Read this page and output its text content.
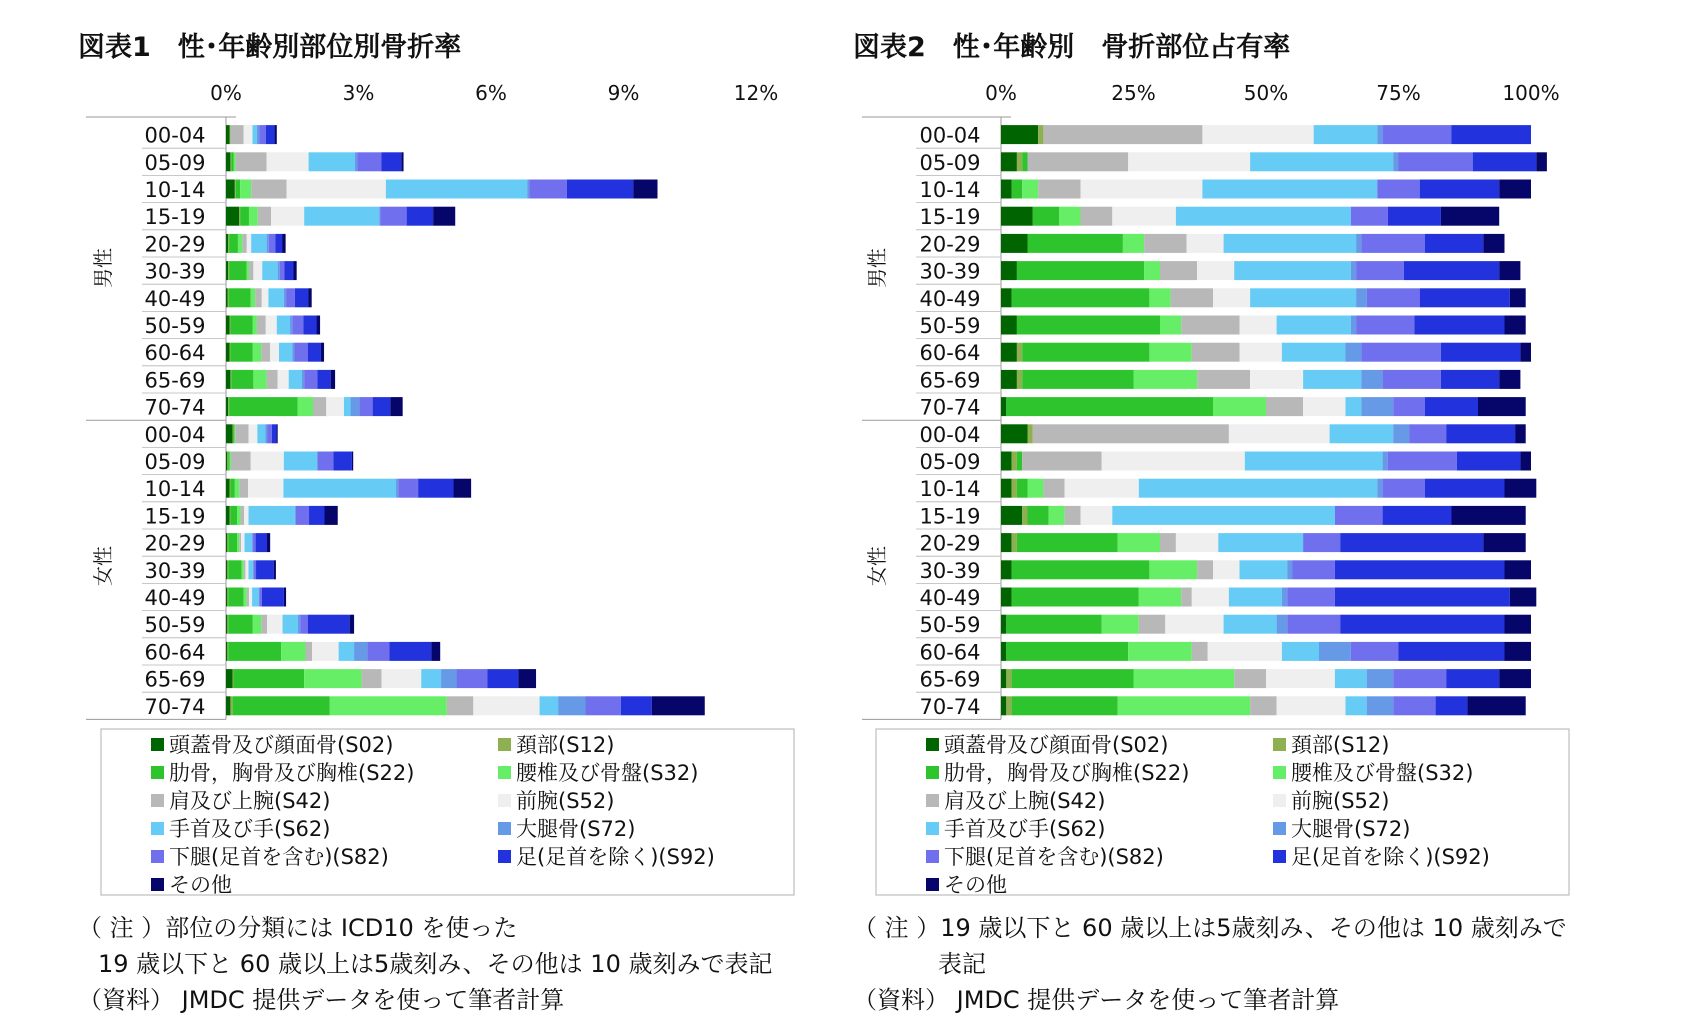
図表1　性･年齢別部位別骨折率
0%	3%	6%	9%	12%
00-04
05-09
10-14
15-19
20-29
30-39
40-49
50-59
60-64
65-69
70-74
00-04
05-09
10-14
15-19
20-29
30-39
40-49
50-59
60-64
65-69
70-74
男性
女性
頭蓋骨及び顔面骨(S02)	頚部(S12)
肋骨，胸骨及び胸椎(S22)	腰椎及び骨盤(S32)
肩及び上腕(S42)	前腕(S52)
手首及び手(S62)	大腿骨(S72)
下腿(足首を含む)(S82)	足(足首を除く)(S92)
その他
図表2　性･年齢別　骨折部位占有率
0%	25%	50%	75%	100%
00-04
05-09
10-14
15-19
20-29
30-39
40-49
50-59
60-64
65-69
70-74
00-04
05-09
10-14
15-19
20-29
30-39
40-49
50-59
60-64
65-69
70-74
男性
女性
頭蓋骨及び顔面骨(S02)	頚部(S12)
肋骨，胸骨及び胸椎(S22)	腰椎及び骨盤(S32)
肩及び上腕(S42)	前腕(S52)
手首及び手(S62)	大腿骨(S72)
下腿(足首を含む)(S82)	足(足首を除く)(S92)
その他
（ 注 ）部位の分類には ICD10 を使った
19 歳以下と 60 歳以上は5歳刻み、その他は 10 歳刻みで表記
（資料） JMDC 提供データを使って筆者計算
（ 注 ）19 歳以下と 60 歳以上は5歳刻み、その他は 10 歳刻みで
表記
（資料） JMDC 提供データを使って筆者計算
